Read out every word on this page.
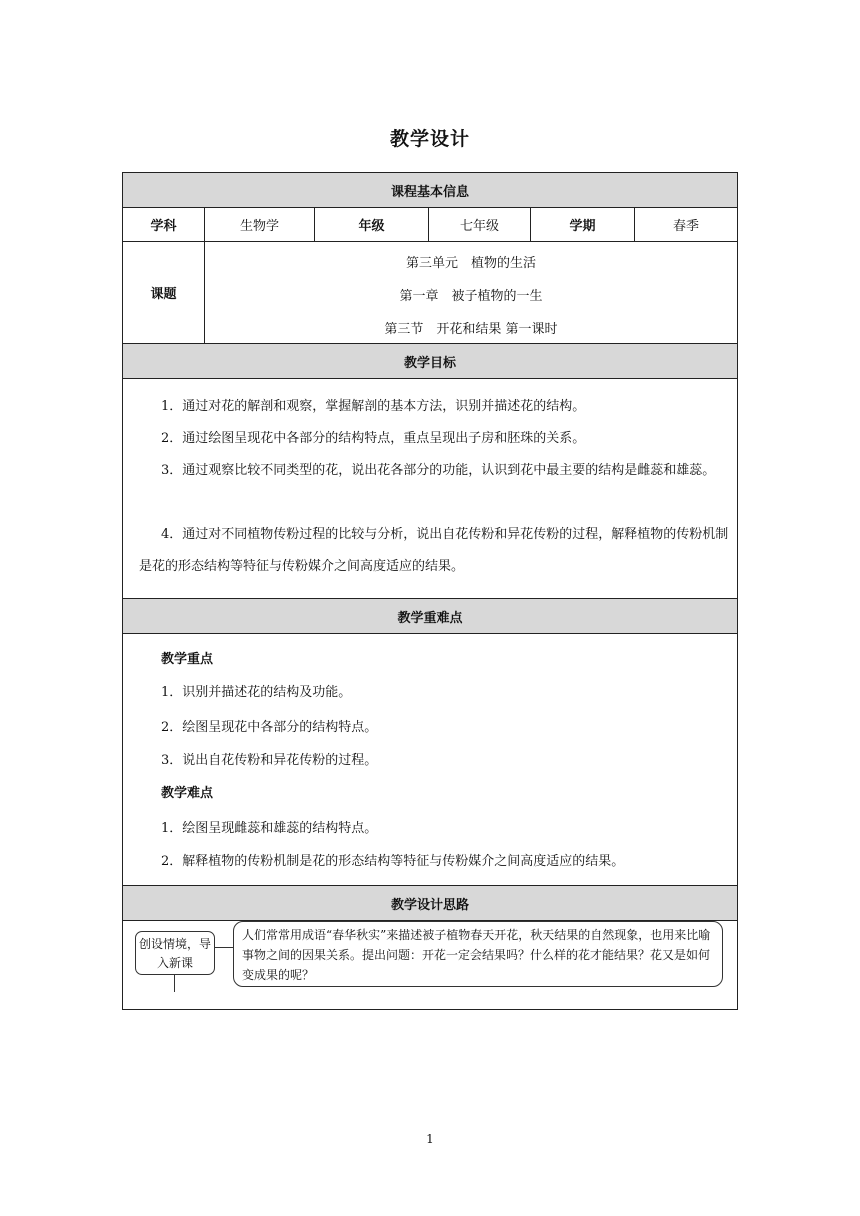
教学设计
课程基本信息
学科	生物学	年级	七年级	学期	春季
课题
第三单元　植物的生活
第一章　被子植物的一生
第三节　开花和结果 第一课时
教学目标
1．通过对花的解剖和观察，掌握解剖的基本方法，识别并描述花的结构。
2．通过绘图呈现花中各部分的结构特点，重点呈现出子房和胚珠的关系。
3．通过观察比较不同类型的花，说出花各部分的功能，认识到花中最主要的结构是雌蕊和雄蕊。
4．通过对不同植物传粉过程的比较与分析，说出自花传粉和异花传粉的过程，解释植物的传粉机制是花的形态结构等特征与传粉媒介之间高度适应的结果。
教学重难点
教学重点
1．识别并描述花的结构及功能。
2．绘图呈现花中各部分的结构特点。
3．说出自花传粉和异花传粉的过程。
教学难点
1．绘图呈现雌蕊和雄蕊的结构特点。
2．解释植物的传粉机制是花的形态结构等特征与传粉媒介之间高度适应的结果。
教学设计思路
创设情境，导入新课
人们常常用成语“春华秋实”来描述被子植物春天开花，秋天结果的自然现象，也用来比喻事物之间的因果关系。提出问题：开花一定会结果吗？什么样的花才能结果？花又是如何变成果的呢？
1
